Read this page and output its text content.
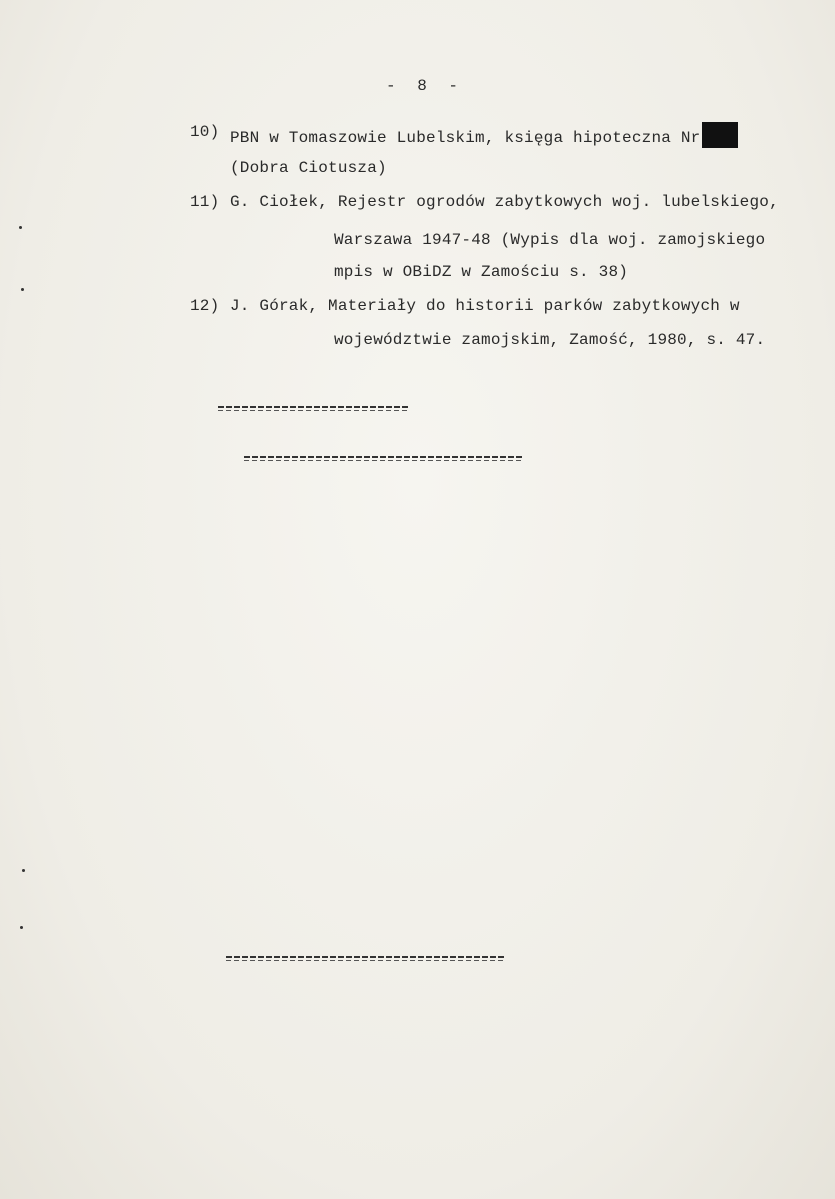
- 8 -
10) PBN w Tomaszowie Lubelskim, księga hipoteczna Nr
(Dobra Ciotusza)
11) G. Ciołek, Rejestr ogrodów zabytkowych woj. lubelskiego,
Warszawa 1947-48 (Wypis dla woj. zamojskiego
mpis w OBiDZ w Zamościu s. 38)
12) J. Górak, Materiały do historii parków zabytkowych w
województwie zamojskim, Zamość, 1980, s. 47.
